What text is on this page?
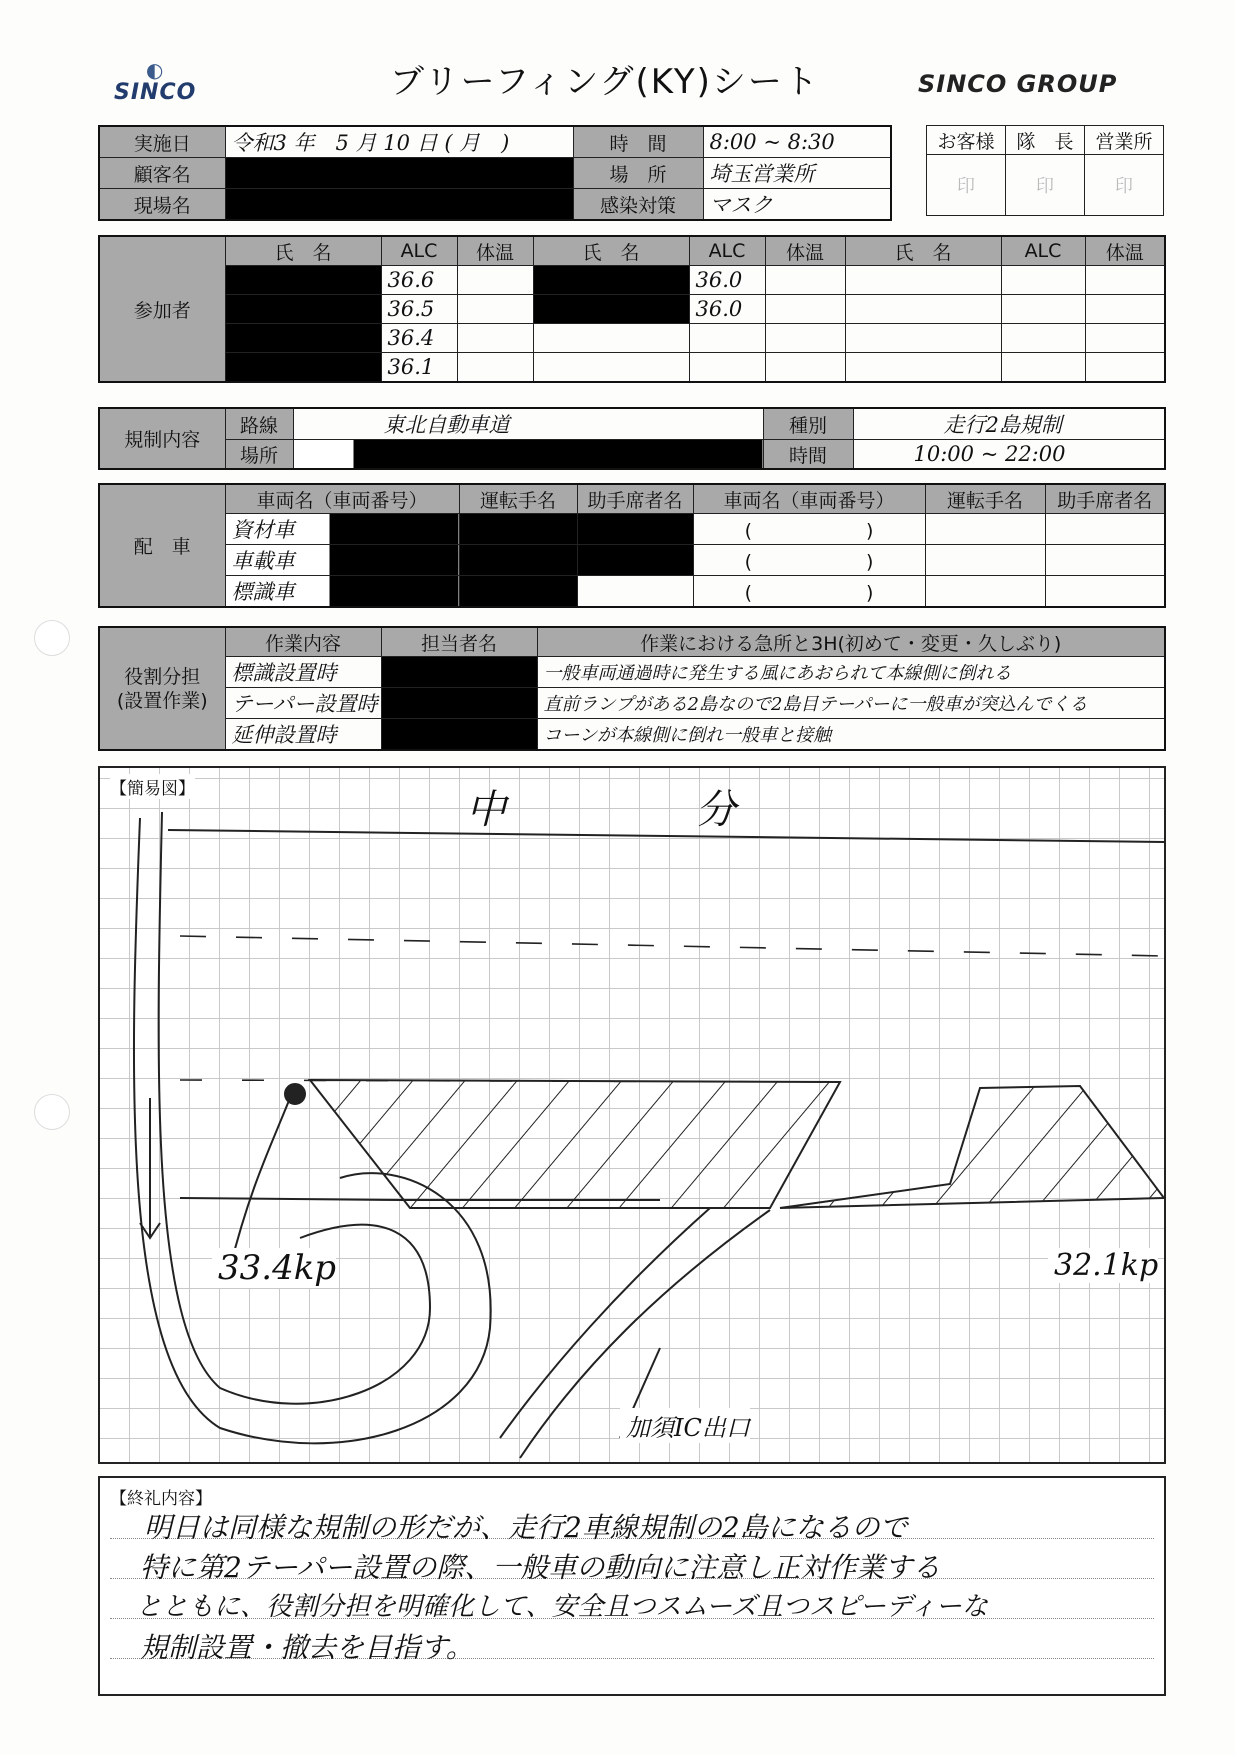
◐
SINCO	ブリーフィング(KY)シート	SINCO GROUP
実施日	令和3 年　5 月 10 日 ( 月　)	時　間	8:00 ~ 8:30
顧客名		場　所	埼玉営業所
現場名		感染対策	マスク
お客様	隊　長	営業所
印	印	印
参加者	氏　名	ALC	体温	氏　名	ALC	体温	氏　名	ALC	体温
		36.6			36.0				
		36.5			36.0				
		36.4							
		36.1							
規制内容	路線	東北自動車道	種別	走行2島規制
	場所		時間	10:00 ~ 22:00
配　車	車両名（車両番号）	運転手名	助手席者名	車両名（車両番号）	運転手名	助手席者名
	資材車			(　　　　　　 )		
	車載車			(　　　　　　 )		
	標識車			(　　　　　　 )		
役割分担
(設置作業)	作業内容	担当者名	作業における急所と3H(初めて・変更・久しぶり)
	標識設置時		一般車両通過時に発生する風にあおられて本線側に倒れる
	テーパー設置時		直前ランプがある2島なので2島目テーパーに一般車が突込んでくる
	延伸設置時		コーンが本線側に倒れ一般車と接触
【簡易図】	中	分
33.4kp	32.1kp
加須IC出口
【終礼内容】
明日は同様な規制の形だが、走行2車線規制の2島になるので
特に第2テーパー設置の際、一般車の動向に注意し正対作業する
とともに、役割分担を明確化して、安全且つスムーズ且つスピーディーな
規制設置・撤去を目指す。
